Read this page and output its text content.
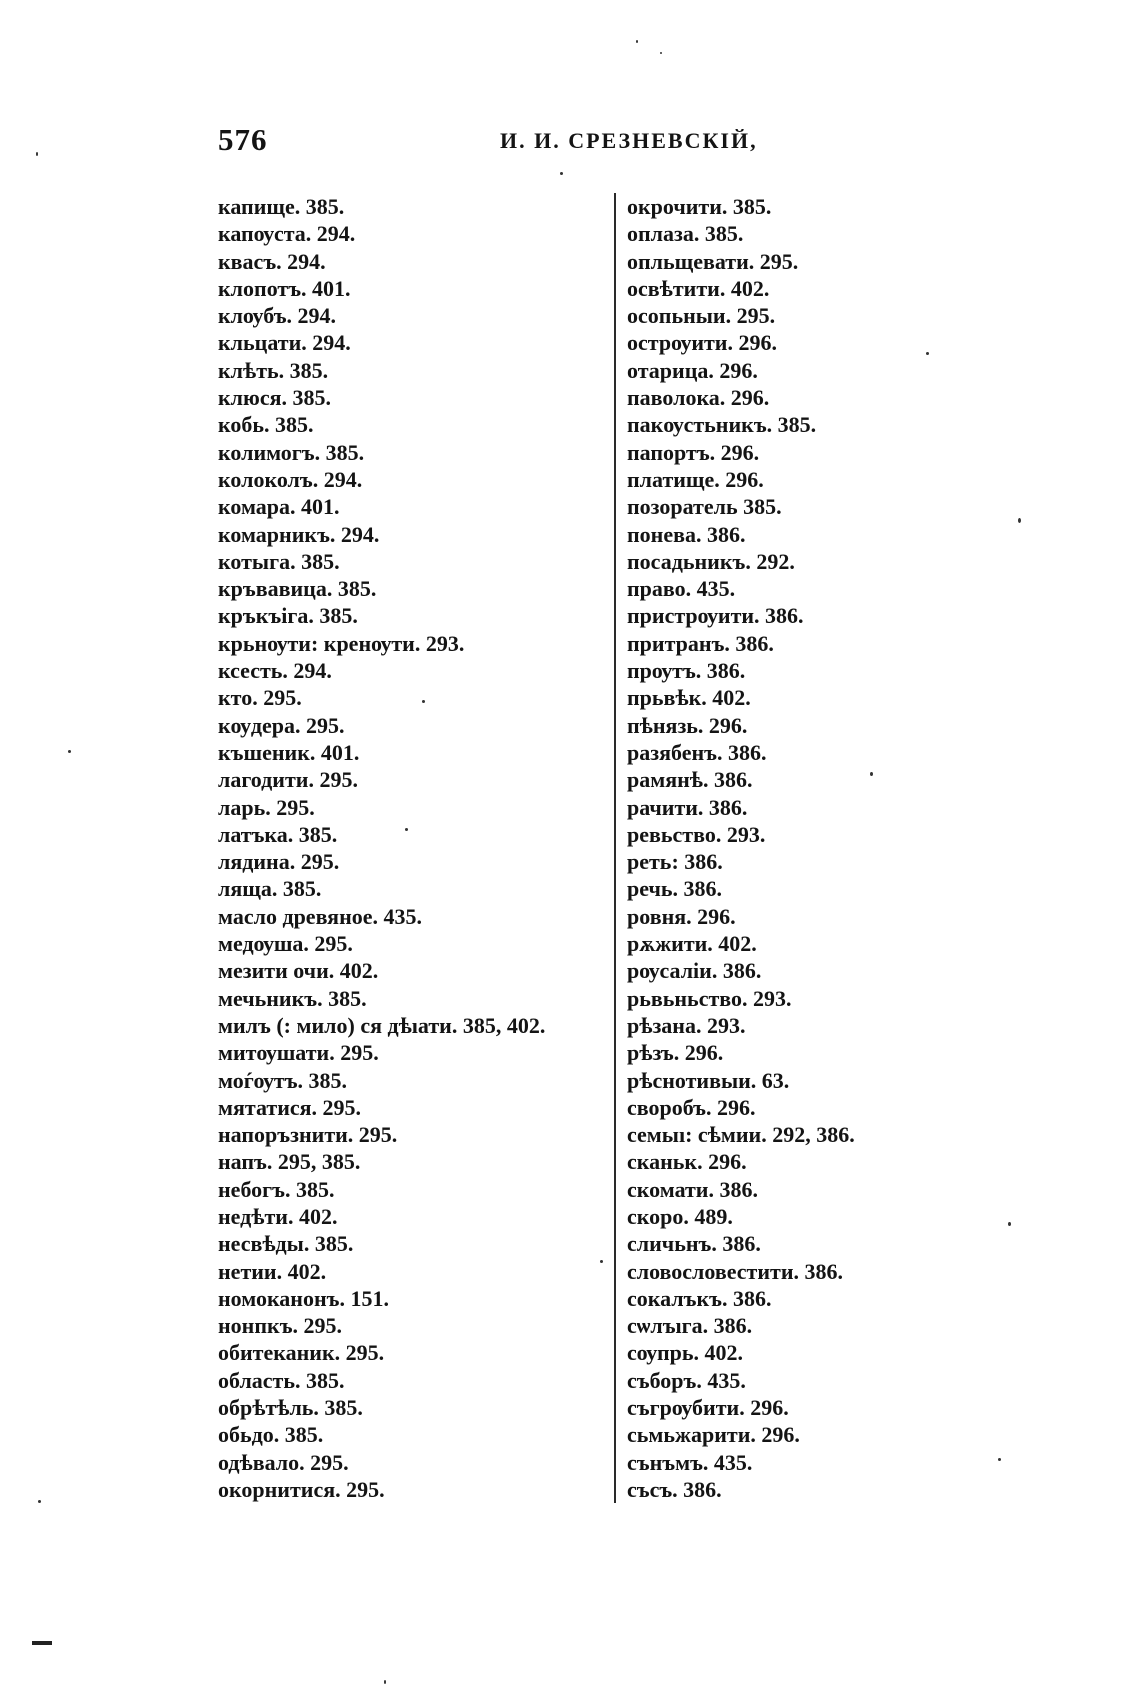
576	И. И. СРЕЗНЕВСКІЙ,
капище. 385.
капѹста. 294.
квасъ. 294.
клопотъ. 401.
клѹбъ. 294.
кльцати. 294.
клѣть. 385.
клюся. 385.
кобь. 385.
колимогъ. 385.
колоколъ. 294.
комара. 401.
комарникъ. 294.
котыга. 385.
кръвавица. 385.
кръкъіга. 385.
крьнѹти: кренѹти. 293.
ксесть. 294.
кто. 295.
кѹдера. 295.
къшеник. 401.
лагодити. 295.
ларь. 295.
латъка. 385.
лядина. 295.
ляща. 385.
масло древяное. 435.
медѹша. 295.
мезити очи. 402.
мечьникъ. 385.
милъ (: мило) ся дѣıати. 385, 402.
митѹшати. 295.
моѓѹтъ. 385.
мятатися. 295.
напоръзнити. 295.
напъ. 295, 385.
небогъ. 385.
недѣти. 402.
несвѣды. 385.
нетии. 402.
номоканонъ. 151.
нонпкъ. 295.
обитеканик. 295.
область. 385.
обрѣтѣль. 385.
обьдо. 385.
одѣвало. 295.
окорнитися. 295.
окрочити. 385.
оплаза. 385.
опльщевати. 295.
освѣтити. 402.
осопьныи. 295.
острѹити. 296.
отарица. 296.
паволока. 296.
пакѹстьникъ. 385.
папортъ. 296.
платище. 296.
позоратель 385.
понева. 386.
посадьникъ. 292.
право. 435.
пристрѹити. 386.
притранъ. 386.
прѹтъ. 386.
прьвѣк. 402.
пѣнязь. 296.
разябенъ. 386.
рамянѣ. 386.
рачити. 386.
ревьство. 293.
реть: 386.
речь. 386.
ровня. 296.
рѫжити. 402.
рѹсаліи. 386.
рьвьньство. 293.
рѣзана. 293.
рѣзъ. 296.
рѣснотивыи. 63.
своробъ. 296.
семыı: сѣмии. 292, 386.
сканьк. 296.
скомати. 386.
скоро. 489.
сличьнъ. 386.
словословестити. 386.
сокалъкъ. 386.
сѡлъıга. 386.
сѹпрь. 402.
съборъ. 435.
съгрѹбити. 296.
сьмьжарити. 296.
сънъмъ. 435.
съсъ. 386.
